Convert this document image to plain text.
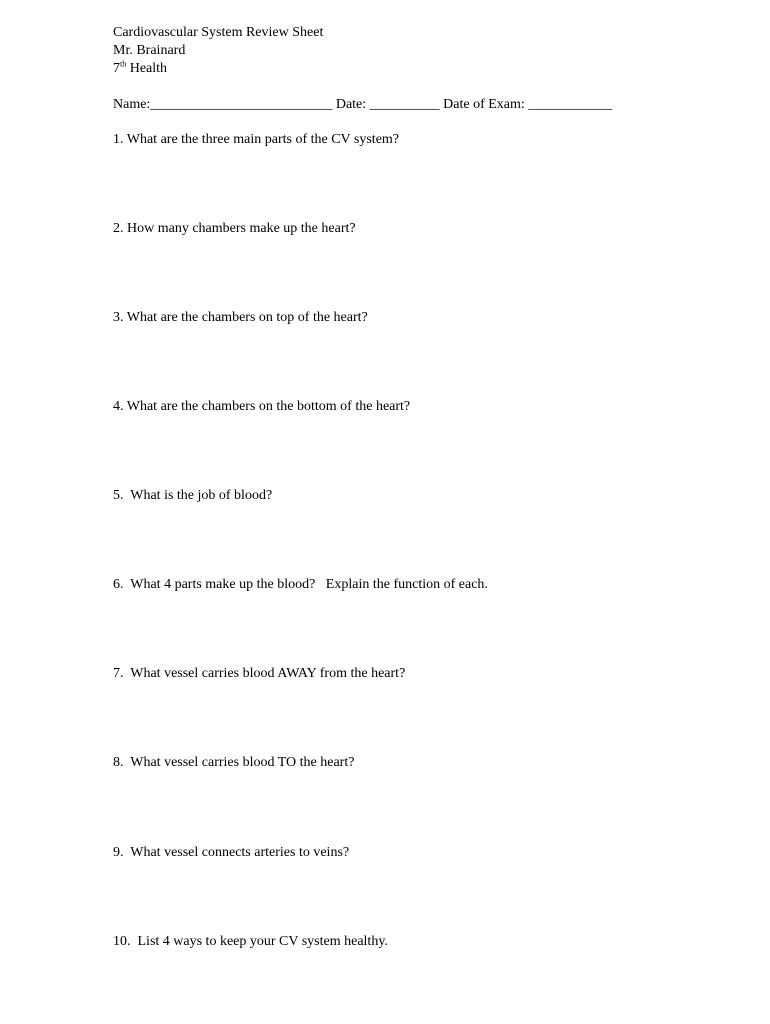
Cardiovascular System Review Sheet
Mr. Brainard
7th Health
Name:__________________________ Date: __________ Date of Exam: ____________
1. What are the three main parts of the CV system?
2. How many chambers make up the heart?
3. What are the chambers on top of the heart?
4. What are the chambers on the bottom of the heart?
5.  What is the job of blood?
6.  What 4 parts make up the blood?   Explain the function of each.
7.  What vessel carries blood AWAY from the heart?
8.  What vessel carries blood TO the heart?
9.  What vessel connects arteries to veins?
10.  List 4 ways to keep your CV system healthy.
